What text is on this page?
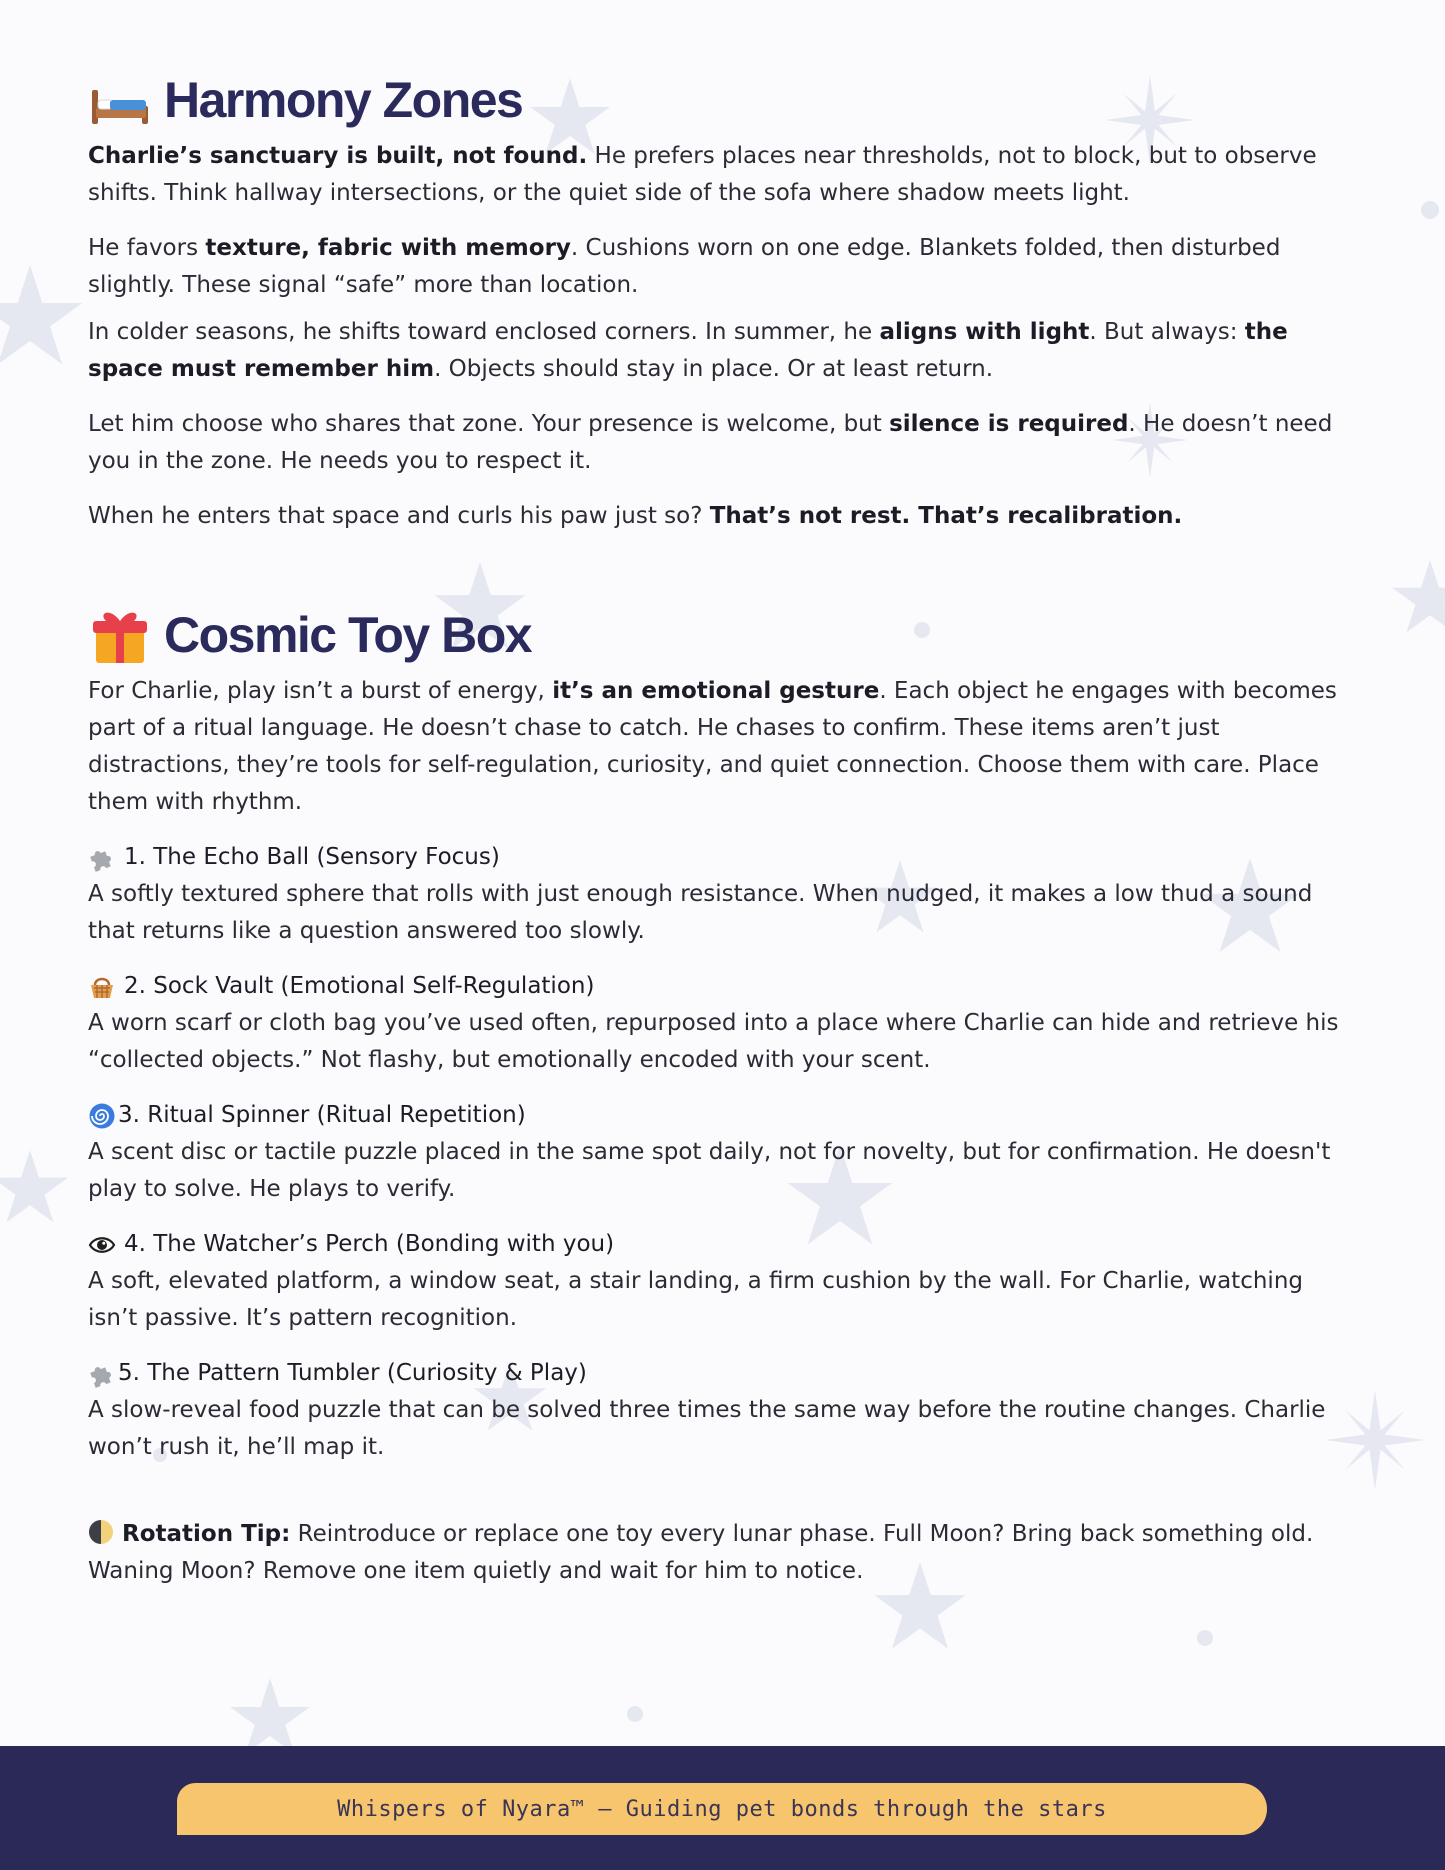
Harmony Zones

Charlie’s sanctuary is built, not found. He prefers places near thresholds, not to block, but to observe shifts. Think hallway intersections, or the quiet side of the sofa where shadow meets light.

He favors texture, fabric with memory. Cushions worn on one edge. Blankets folded, then disturbed slightly. These signal “safe” more than location.

In colder seasons, he shifts toward enclosed corners. In summer, he aligns with light. But always: the space must remember him. Objects should stay in place. Or at least return.

Let him choose who shares that zone. Your presence is welcome, but silence is required. He doesn’t need you in the zone. He needs you to respect it.

When he enters that space and curls his paw just so? That’s not rest. That’s recalibration.

Cosmic Toy Box

For Charlie, play isn’t a burst of energy, it’s an emotional gesture. Each object he engages with becomes part of a ritual language. He doesn’t chase to catch. He chases to confirm. These items aren’t just distractions, they’re tools for self-regulation, curiosity, and quiet connection. Choose them with care. Place them with rhythm.

1. The Echo Ball (Sensory Focus)

A softly textured sphere that rolls with just enough resistance. When nudged, it makes a low thud a sound that returns like a question answered too slowly.

2. Sock Vault (Emotional Self-Regulation)

A worn scarf or cloth bag you’ve used often, repurposed into a place where Charlie can hide and retrieve his “collected objects.” Not flashy, but emotionally encoded with your scent.

3. Ritual Spinner (Ritual Repetition)

A scent disc or tactile puzzle placed in the same spot daily, not for novelty, but for confirmation. He doesn't play to solve. He plays to verify.

4. The Watcher’s Perch (Bonding with you)

A soft, elevated platform, a window seat, a stair landing, a firm cushion by the wall. For Charlie, watching isn’t passive. It’s pattern recognition.

5. The Pattern Tumbler (Curiosity & Play)

A slow-reveal food puzzle that can be solved three times the same way before the routine changes. Charlie won’t rush it, he’ll map it.

Rotation Tip: Reintroduce or replace one toy every lunar phase. Full Moon? Bring back something old. Waning Moon? Remove one item quietly and wait for him to notice.

Whispers of Nyara™ – Guiding pet bonds through the stars
